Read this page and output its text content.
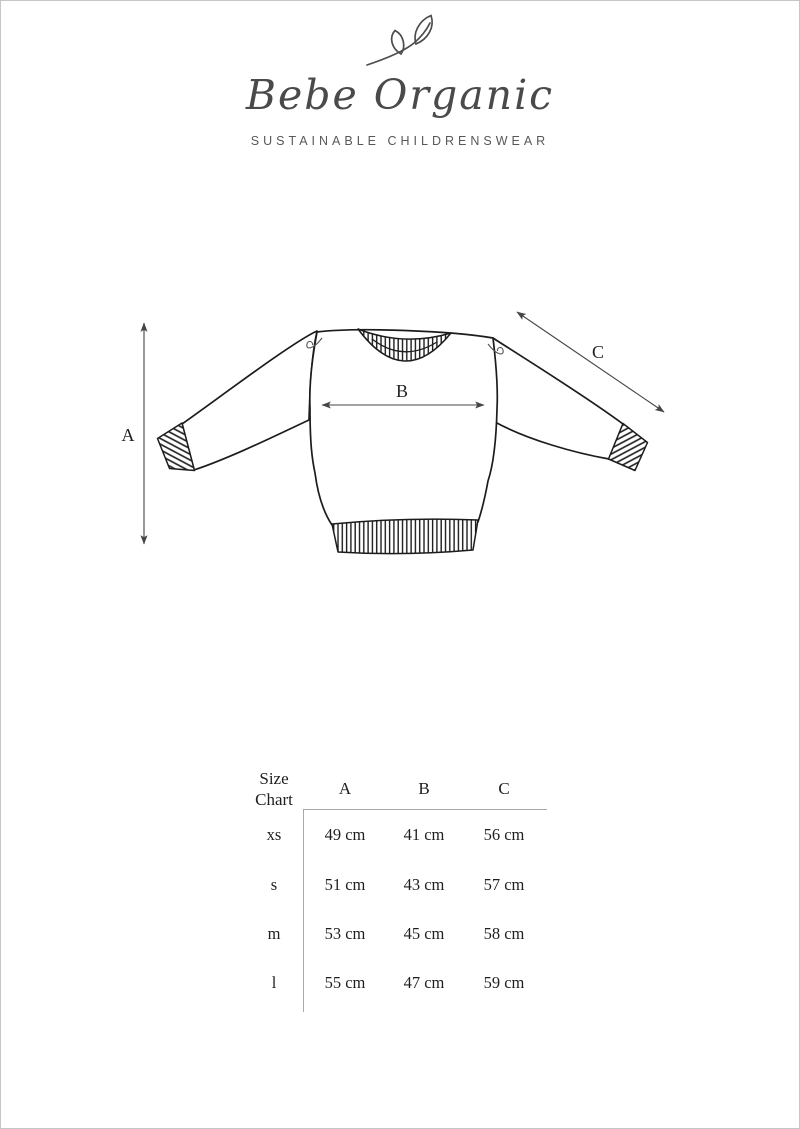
A
B
C
Bebe Organic
SUSTAINABLE CHILDRENSWEAR
Size
Chart
A	B	C
xs	49 cm	41 cm	56 cm
s	51 cm	43 cm	57 cm
m	53 cm	45 cm	58 cm
l	55 cm	47 cm	59 cm
